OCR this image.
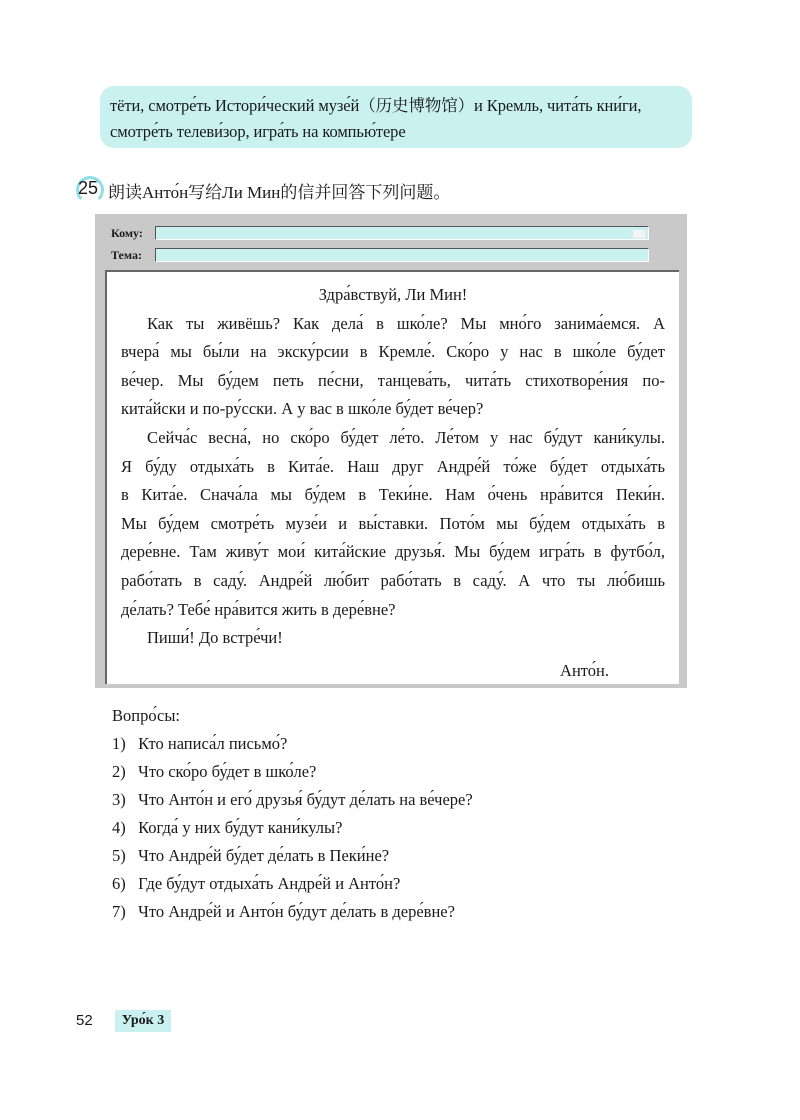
тёти, смотре́ть Истори́ческий музе́й（历史博物馆）и Кремль, чита́ть кни́ги,
смотре́ть телеви́зор, игра́ть на компью́тере
25 朗读Анто́н写给Ли Мин的信并回答下列问题。
Кому:
Тема:
Здра́вствуй, Ли Мин!
Как ты живёшь? Как дела́ в шко́ле? Мы мно́го занима́емся. А
вчера́ мы бы́ли на экску́рсии в Кремле́. Ско́ро у нас в шко́ле бу́дет
ве́чер. Мы бу́дем петь пе́сни, танцева́ть, чита́ть стихотворе́ния по-
кита́йски и по-ру́сски. А у вас в шко́ле бу́дет ве́чер?
Сейча́с весна́, но ско́ро бу́дет ле́то. Ле́том у нас бу́дут кани́кулы.
Я бу́ду отдыха́ть в Кита́е. Наш друг Андре́й то́же бу́дет отдыха́ть
в Кита́е. Снача́ла мы бу́дем в Теки́не. Нам о́чень нра́вится Пеки́н.
Мы бу́дем смотре́ть музе́и и вы́ставки. Пото́м мы бу́дем отдыха́ть в
дере́вне. Там живу́т мои́ кита́йские друзья́. Мы бу́дем игра́ть в футбо́л,
рабо́тать в саду́. Андре́й лю́бит рабо́тать в саду́. А что ты лю́бишь
де́лать? Тебе́ нра́вится жить в дере́вне?
Пиши́! До встре́чи!
Анто́н.
Вопро́сы:
1) Кто написа́л письмо́?
2) Что ско́ро бу́дет в шко́ле?
3) Что Анто́н и его́ друзья́ бу́дут де́лать на ве́чере?
4) Когда́ у них бу́дут кани́кулы?
5) Что Андре́й бу́дет де́лать в Пеки́не?
6) Где бу́дут отдыха́ть Андре́й и Анто́н?
7) Что Андре́й и Анто́н бу́дут де́лать в дере́вне?
52	Уро́к 3
